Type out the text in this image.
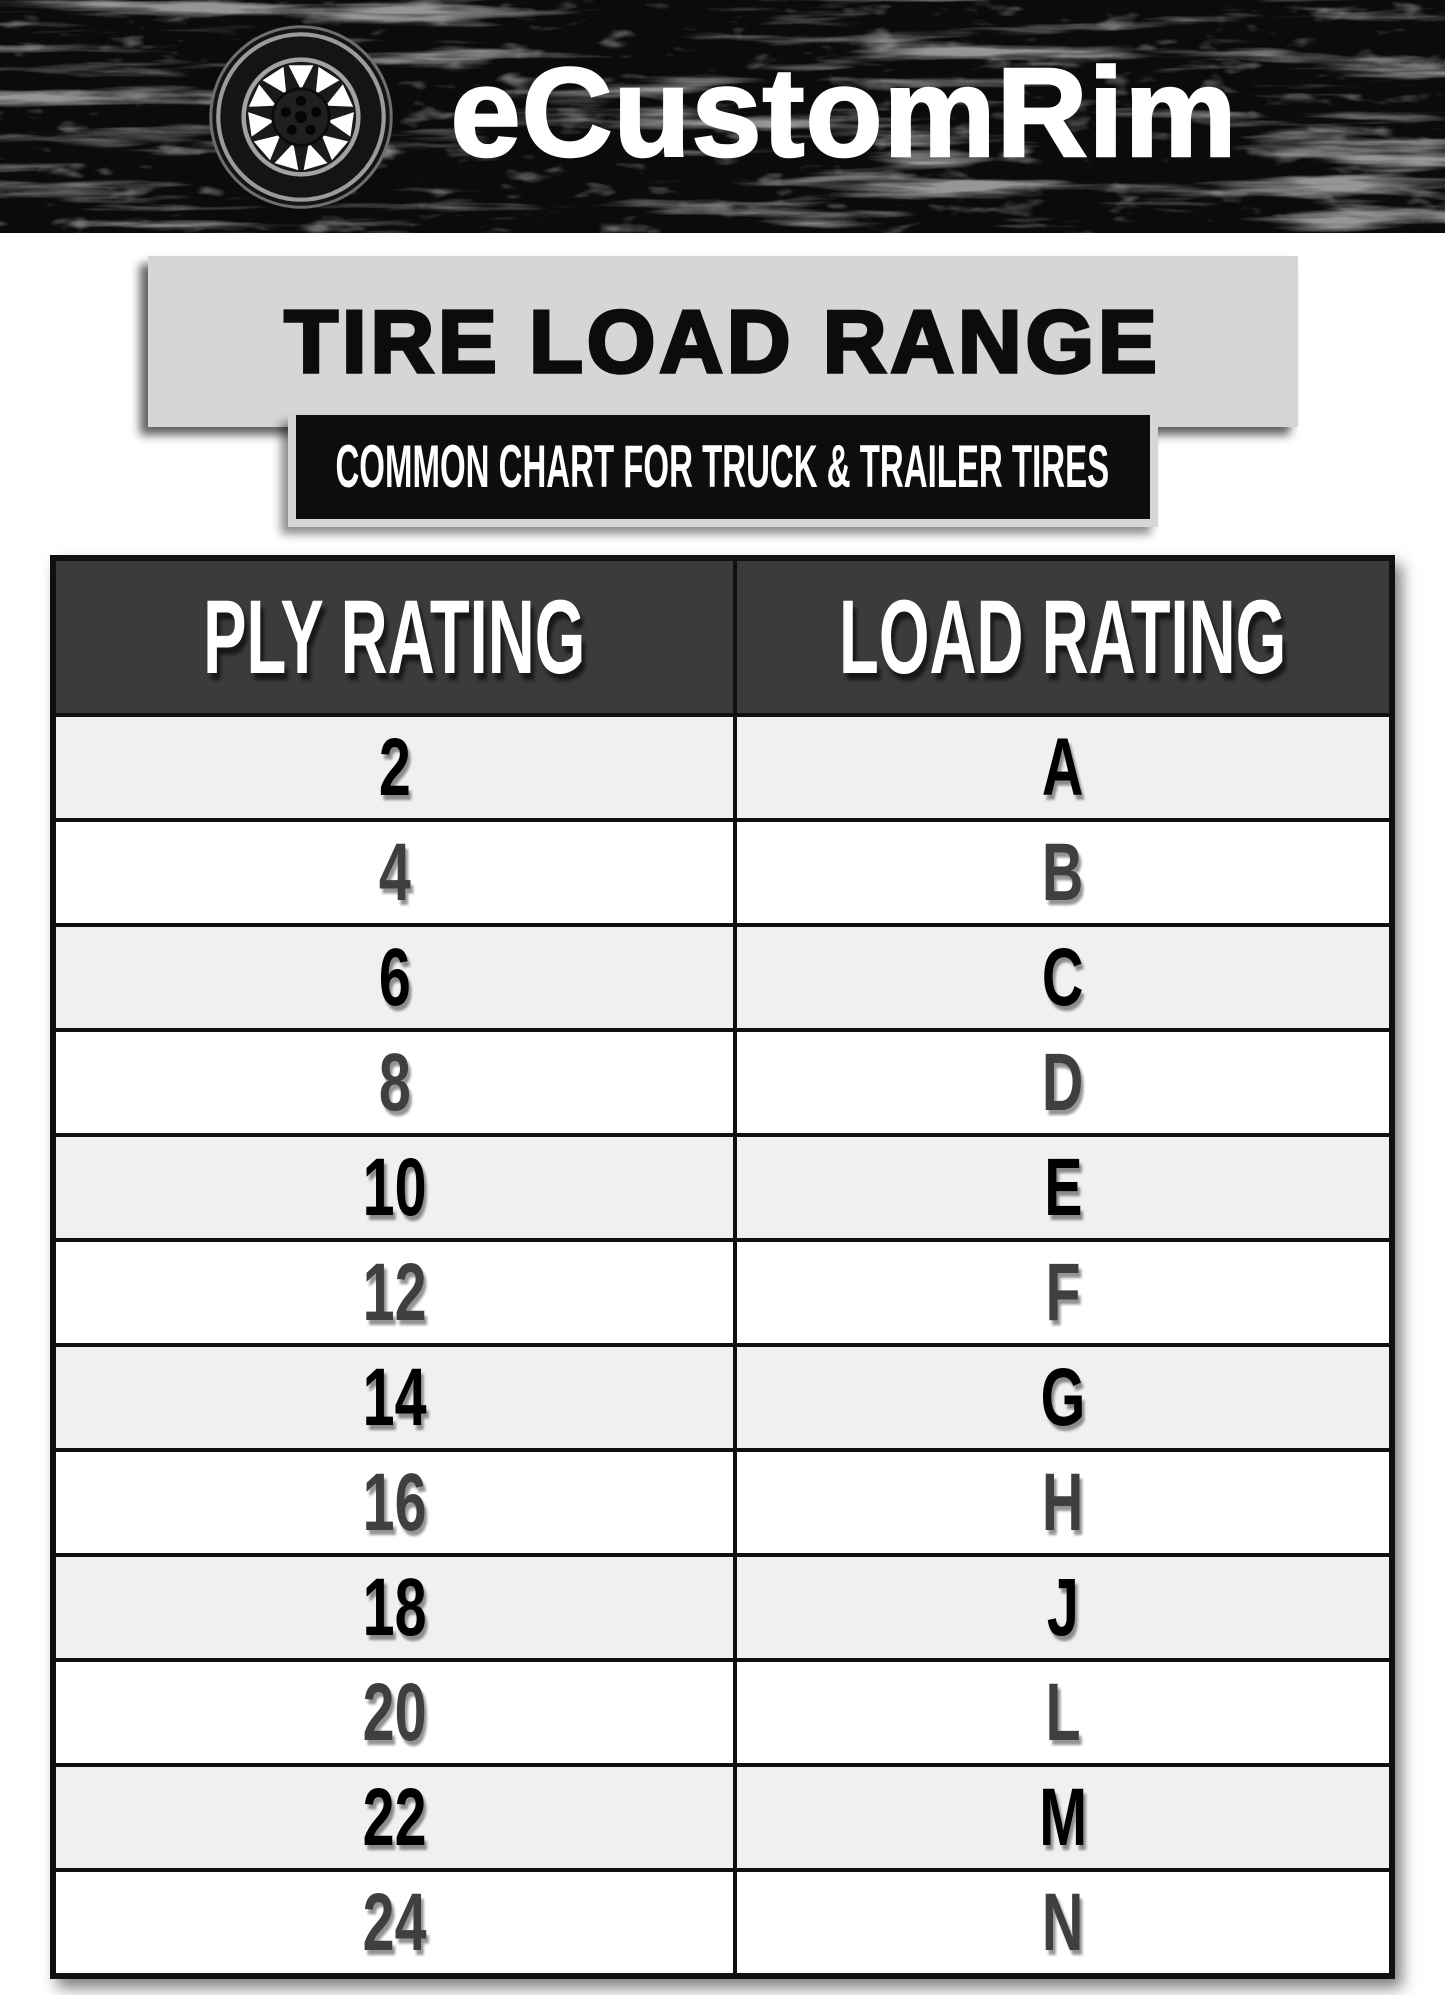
eCustomRim
TIRE LOAD RANGE
COMMON CHART FOR TRUCK & TRAILER TIRES
PLY RATING LOAD RATING
2	A
4	B
6	C
8	D
10	E
12	F
14	G
16	H
18	J
20	L
22	M
24	N
